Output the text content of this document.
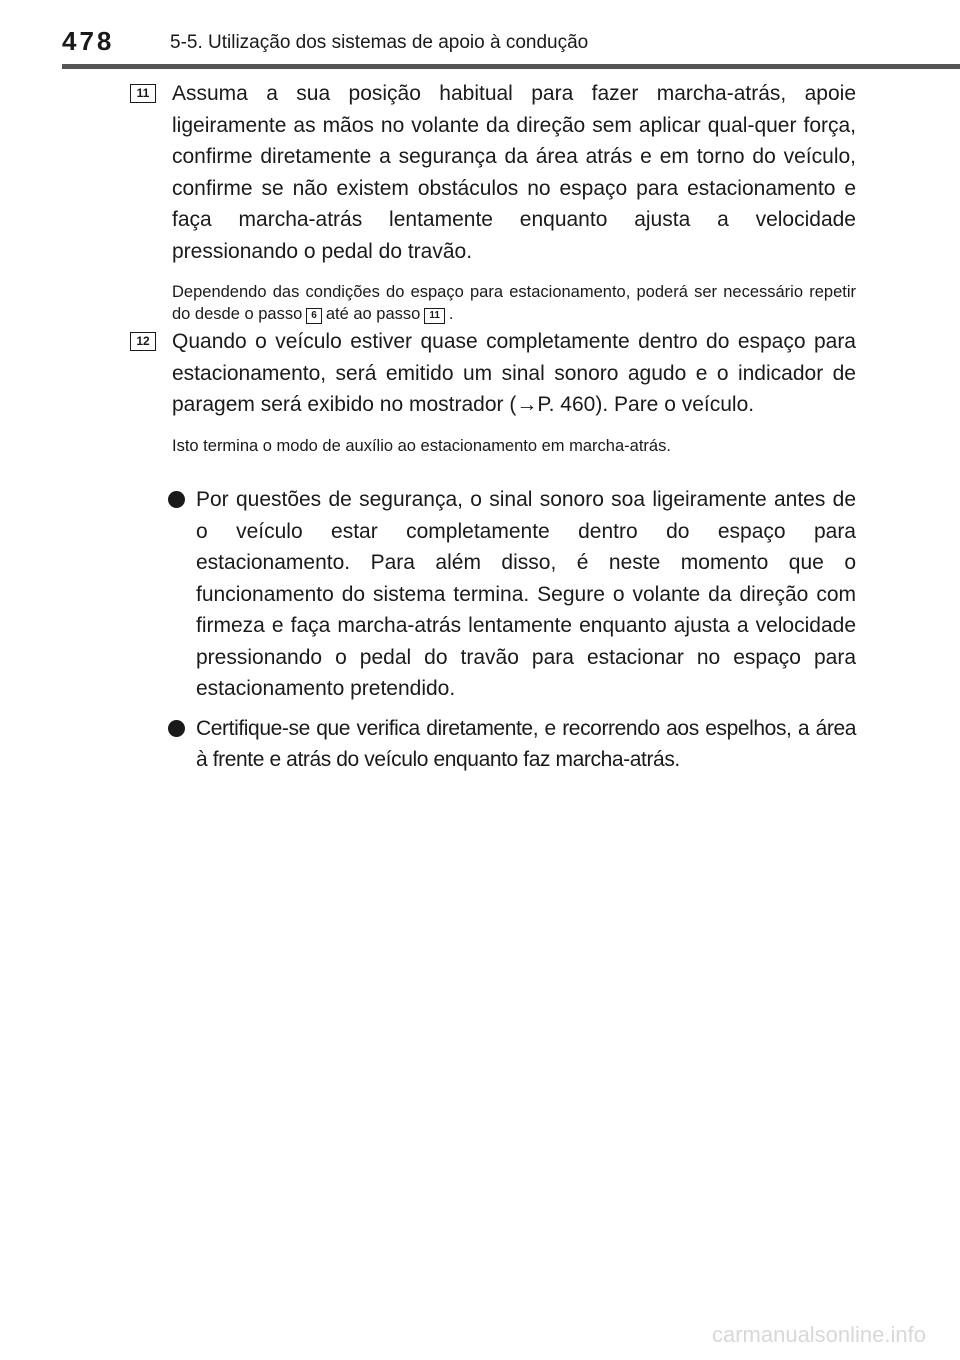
478	5-5. Utilização dos sistemas de apoio à condução
11	Assuma a sua posição habitual para fazer marcha-atrás, apoie ligeiramente as mãos no volante da direção sem aplicar qual-quer força, confirme diretamente a segurança da área atrás e em torno do veículo, confirme se não existem obstáculos no espaço para estacionamento e faça marcha-atrás lentamente enquanto ajusta a velocidade pressionando o pedal do travão.
Dependendo das condições do espaço para estacionamento, poderá ser necessário repetir do desde o passo 6 até ao passo 11 .
12	Quando o veículo estiver quase completamente dentro do espaço para estacionamento, será emitido um sinal sonoro agudo e o indicador de paragem será exibido no mostrador (→P. 460). Pare o veículo.
Isto termina o modo de auxílio ao estacionamento em marcha-atrás.
Por questões de segurança, o sinal sonoro soa ligeiramente antes de o veículo estar completamente dentro do espaço para estacionamento. Para além disso, é neste momento que o funcionamento do sistema termina. Segure o volante da direção com firmeza e faça marcha-atrás lentamente enquanto ajusta a velocidade pressionando o pedal do travão para estacionar no espaço para estacionamento pretendido.
Certifique-se que verifica diretamente, e recorrendo aos espelhos, a área à frente e atrás do veículo enquanto faz marcha-atrás.
carmanualsonline.info
